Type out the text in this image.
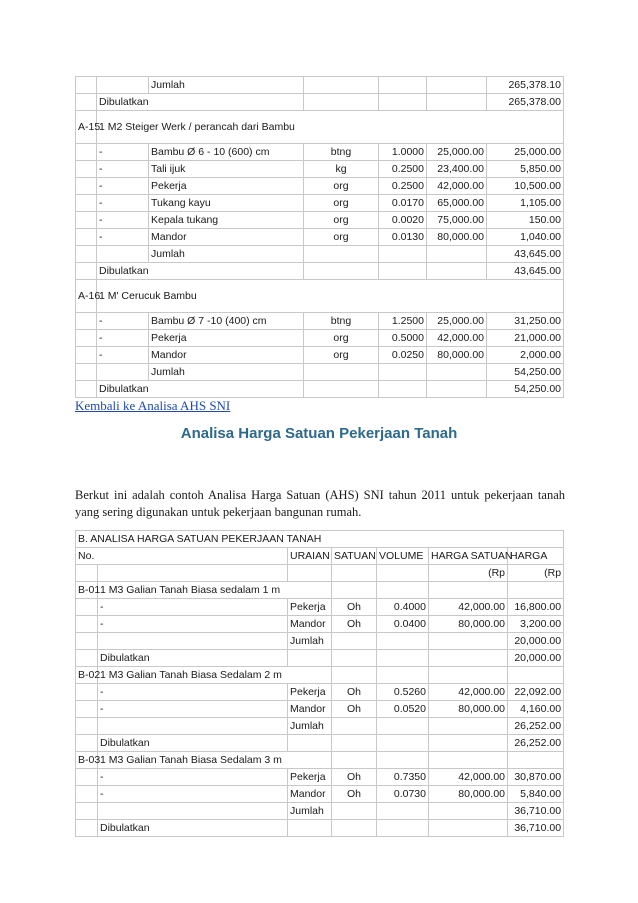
		Jumlah				265,378.10
	Dibulatkan					265,378.00
A-15	1 M2 Steiger Werk / perancah dari Bambu					

	-	Bambu Ø 6 - 10 (600) cm	btng	1.0000	25,000.00	25,000.00
	-	Tali ijuk	kg	0.2500	23,400.00	5,850.00
	-	Pekerja	org	0.2500	42,000.00	10,500.00
	-	Tukang kayu	org	0.0170	65,000.00	1,105.00
	-	Kepala tukang	org	0.0020	75,000.00	150.00
	-	Mandor	org	0.0130	80,000.00	1,040.00
		Jumlah				43,645.00
	Dibulatkan					43,645.00
A-16	1 M' Cerucuk Bambu					

	-	Bambu Ø 7 -10 (400) cm	btng	1.2500	25,000.00	31,250.00
	-	Pekerja	org	0.5000	42,000.00	21,000.00
	-	Mandor	org	0.0250	80,000.00	2,000.00
		Jumlah				54,250.00
	Dibulatkan					54,250.00
Kembali ke Analisa AHS SNI
Analisa Harga Satuan Pekerjaan Tanah
Berkut ini adalah contoh Analisa Harga Satuan (AHS) SNI tahun 2011 untuk pekerjaan tanah yang sering digunakan untuk pekerjaan bangunan rumah.
B. ANALISA HARGA SATUAN PEKERJAAN TANAH						
No.		URAIAN	SATUAN	VOLUME	HARGA SATUAN	HARGA
					(Rp	(Rp
B-01	1 M3 Galian Tanah Biasa sedalam 1 m					
	-	Pekerja	Oh	0.4000	42,000.00	16,800.00
	-	Mandor	Oh	0.0400	80,000.00	3,200.00
		Jumlah				20,000.00
	Dibulatkan					20,000.00
B-02	1 M3 Galian Tanah Biasa Sedalam 2 m					
	-	Pekerja	Oh	0.5260	42,000.00	22,092.00
	-	Mandor	Oh	0.0520	80,000.00	4,160.00
		Jumlah				26,252.00
	Dibulatkan					26,252.00
B-03	1 M3 Galian Tanah Biasa Sedalam 3 m					
	-	Pekerja	Oh	0.7350	42,000.00	30,870.00
	-	Mandor	Oh	0.0730	80,000.00	5,840.00
		Jumlah				36,710.00
	Dibulatkan					36,710.00
